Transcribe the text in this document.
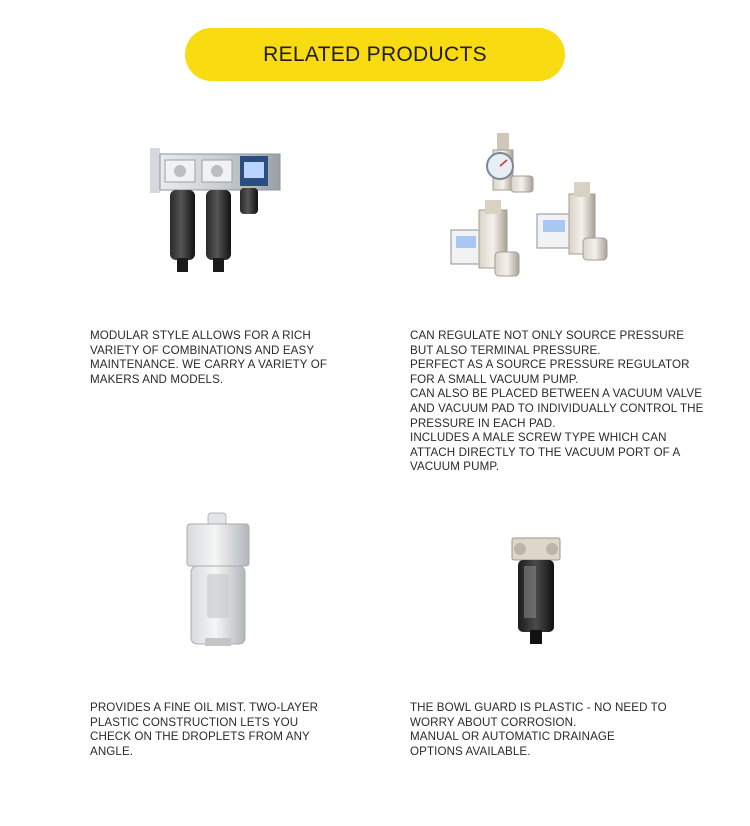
RELATED PRODUCTS

MODULAR STYLE ALLOWS FOR A RICH VARIETY OF COMBINATIONS AND EASY MAINTENANCE. WE CARRY A VARIETY OF MAKERS AND MODELS.

CAN REGULATE NOT ONLY SOURCE PRESSURE BUT ALSO TERMINAL PRESSURE.

PERFECT AS A SOURCE PRESSURE REGULATOR FOR A SMALL VACUUM PUMP.

CAN ALSO BE PLACED BETWEEN A VACUUM VALVE AND VACUUM PAD TO INDIVIDUALLY CONTROL THE PRESSURE IN EACH PAD.

INCLUDES A MALE SCREW TYPE WHICH CAN ATTACH DIRECTLY TO THE VACUUM PORT OF A VACUUM PUMP.

PROVIDES A FINE OIL MIST. TWO-LAYER PLASTIC CONSTRUCTION LETS YOU CHECK ON THE DROPLETS FROM ANY ANGLE.

THE BOWL GUARD IS PLASTIC - NO NEED TO WORRY ABOUT CORROSION.

MANUAL OR AUTOMATIC DRAINAGE OPTIONS AVAILABLE.
